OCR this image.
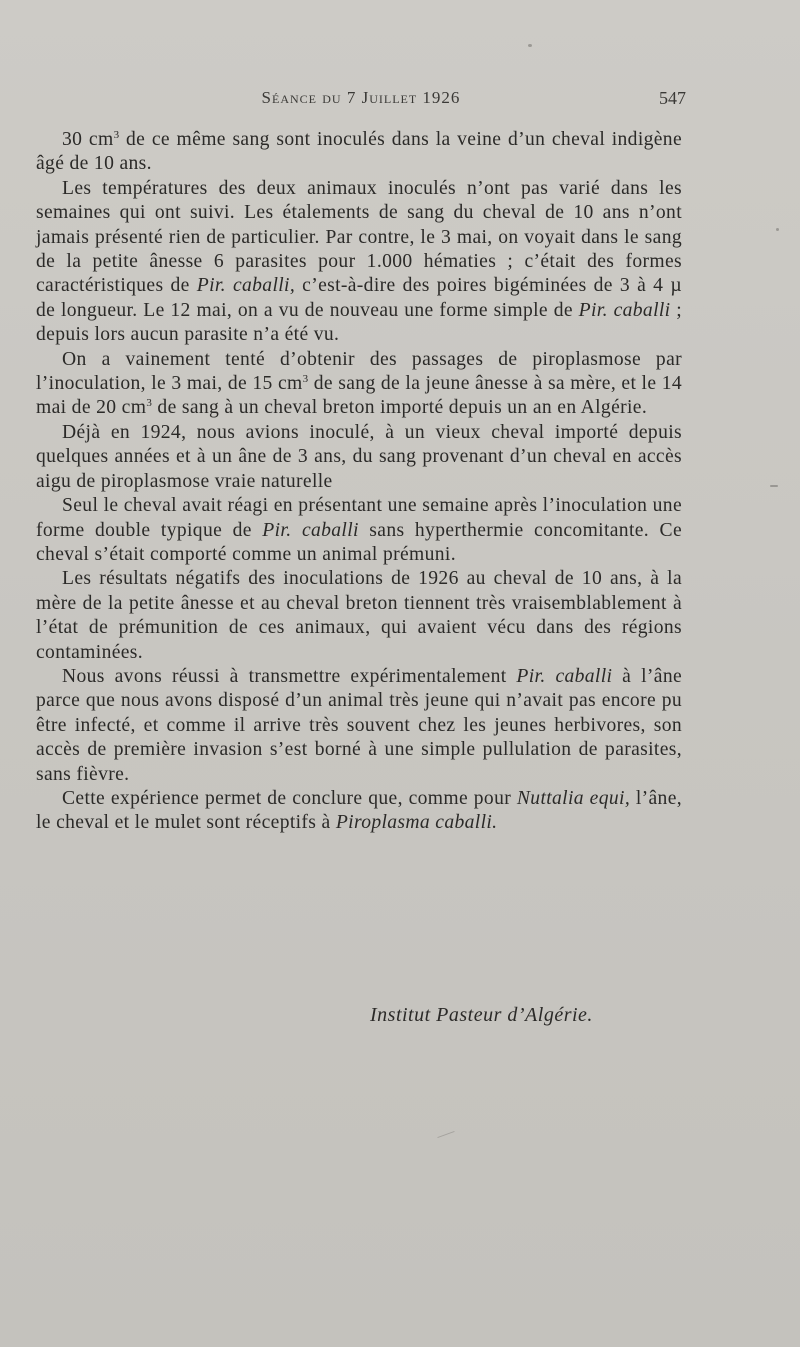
Séance du 7 Juillet 1926	547

30 $cm^3$ de ce même sang sont inoculés dans la veine d’un cheval indigène âgé de 10 ans.

Les températures des deux animaux inoculés n’ont pas varié dans les semaines qui ont suivi. Les étalements de sang du cheval de 10 ans n’ont jamais présenté rien de particulier. Par contre, le 3 mai, on voyait dans le sang de la petite ânesse 6 parasites pour 1.000 hématies ; c’était des formes caractéristiques de Pir. caballi, c’est-à-dire des poires bigéminées de 3 à 4 µ de longueur. Le 12 mai, on a vu de nouveau une forme simple de Pir. caballi ; depuis lors aucun parasite n’a été vu.

On a vainement tenté d’obtenir des passages de piroplasmose par l’inoculation, le 3 mai, de 15 $cm^3$ de sang de la jeune ânesse à sa mère, et le 14 mai de 20 $cm^3$ de sang à un cheval breton importé depuis un an en Algérie.

Déjà en 1924, nous avions inoculé, à un vieux cheval importé depuis quelques années et à un âne de 3 ans, du sang provenant d’un cheval en accès aigu de piroplasmose vraie naturelle

Seul le cheval avait réagi en présentant une semaine après l’inoculation une forme double typique de Pir. caballi sans hyperthermie concomitante. Ce cheval s’était comporté comme un animal prémuni.

Les résultats négatifs des inoculations de 1926 au cheval de 10 ans, à la mère de la petite ânesse et au cheval breton tiennent très vraisemblablement à l’état de prémunition de ces animaux, qui avaient vécu dans des régions contaminées.

Nous avons réussi à transmettre expérimentalement Pir. caballi à l’âne parce que nous avons disposé d’un animal très jeune qui n’avait pas encore pu être infecté, et comme il arrive très souvent chez les jeunes herbivores, son accès de première invasion s’est borné à une simple pullulation de parasites, sans fièvre.

Cette expérience permet de conclure que, comme pour Nuttalia equi, l’âne, le cheval et le mulet sont réceptifs à Piroplasma caballi.

Institut Pasteur d’Algérie.
